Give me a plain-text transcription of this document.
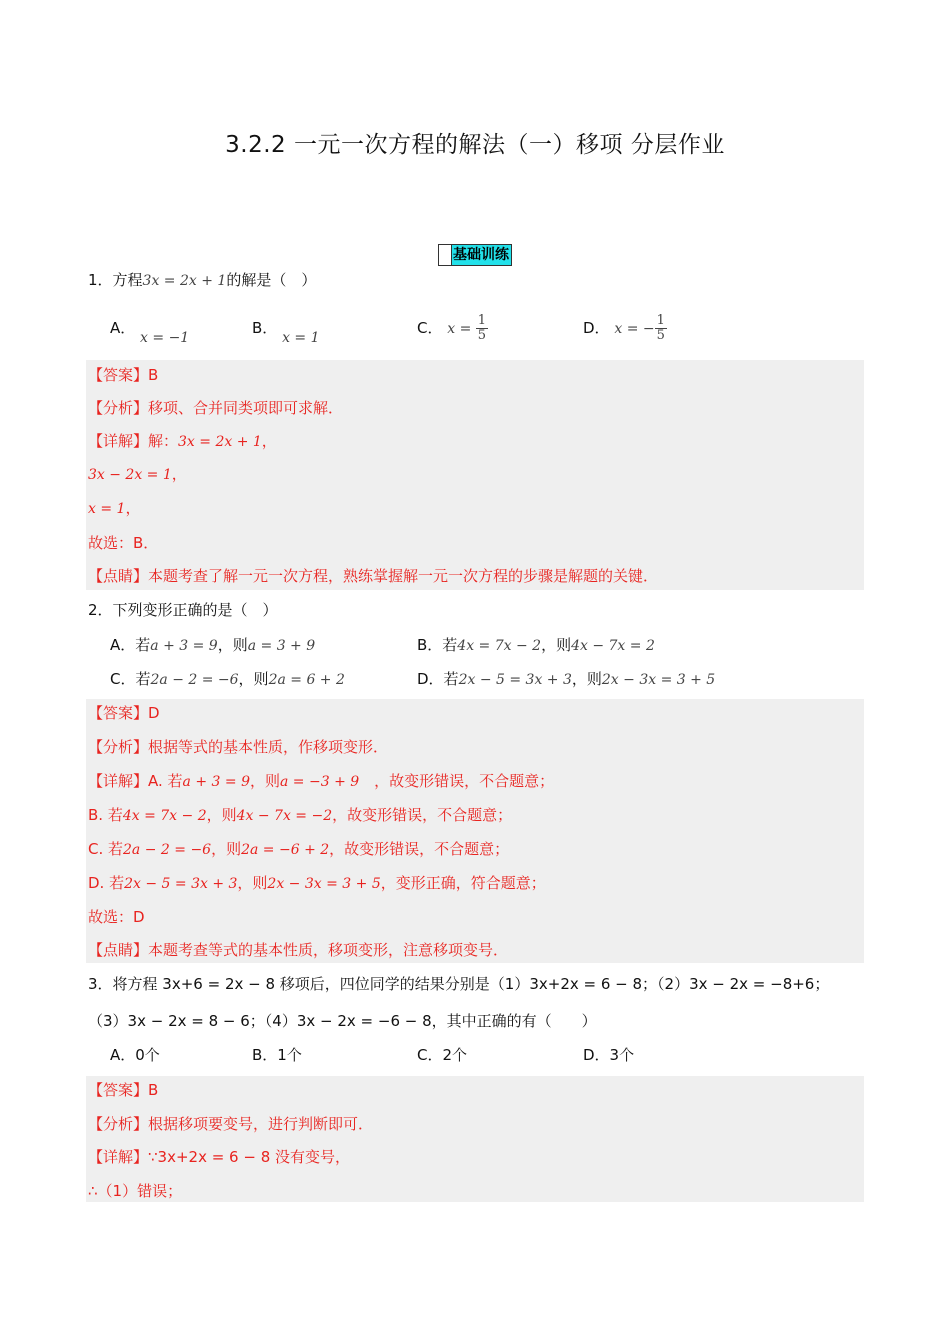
3.2.2 一元一次方程的解法（一）移项 分层作业
基础训练
1．方程3x = 2x + 1的解是（　）
A． x = −1
B． x = 1
C． $x = \frac{1}{5}$	D． x = − $\frac{1}{5}$
【答案】B
【分析】移项、合并同类项即可求解．
【详解】解：3x = 2x + 1，
3x − 2x = 1，
x = 1，
故选：B．
【点睛】本题考查了解一元一次方程，熟练掌握解一元一次方程的步骤是解题的关键．
2．下列变形正确的是（　）
A．若a + 3 = 9，则a = 3 + 9	B．若4x = 7x − 2，则4x − 7x = 2
C．若2a − 2 = −6，则2a = 6 + 2	D．若2x − 5 = 3x + 3，则2x − 3x = 3 + 5
【答案】D
【分析】根据等式的基本性质，作移项变形．
【详解】A. 若a + 3 = 9，则a = −3 + 9　，故变形错误，不合题意；
B. 若4x = 7x − 2，则4x − 7x = −2，故变形错误，不合题意；
C. 若2a − 2 = −6，则2a = −6 + 2，故变形错误，不合题意；
D. 若2x − 5 = 3x + 3，则2x − 3x = 3 + 5，变形正确，符合题意；
故选：D
【点睛】本题考查等式的基本性质，移项变形，注意移项变号．
3．将方程 3x+6 = 2x − 8 移项后，四位同学的结果分别是（1）3x+2x = 6 − 8；（2）3x − 2x = −8+6；
（3）3x − 2x = 8 − 6；（4）3x − 2x = −6 − 8，其中正确的有（　　）
A．0个	B．1个	C．2个	D．3个
【答案】B
【分析】根据移项要变号，进行判断即可．
【详解】∵3x+2x = 6 − 8 没有变号，
∴（1）错误；
